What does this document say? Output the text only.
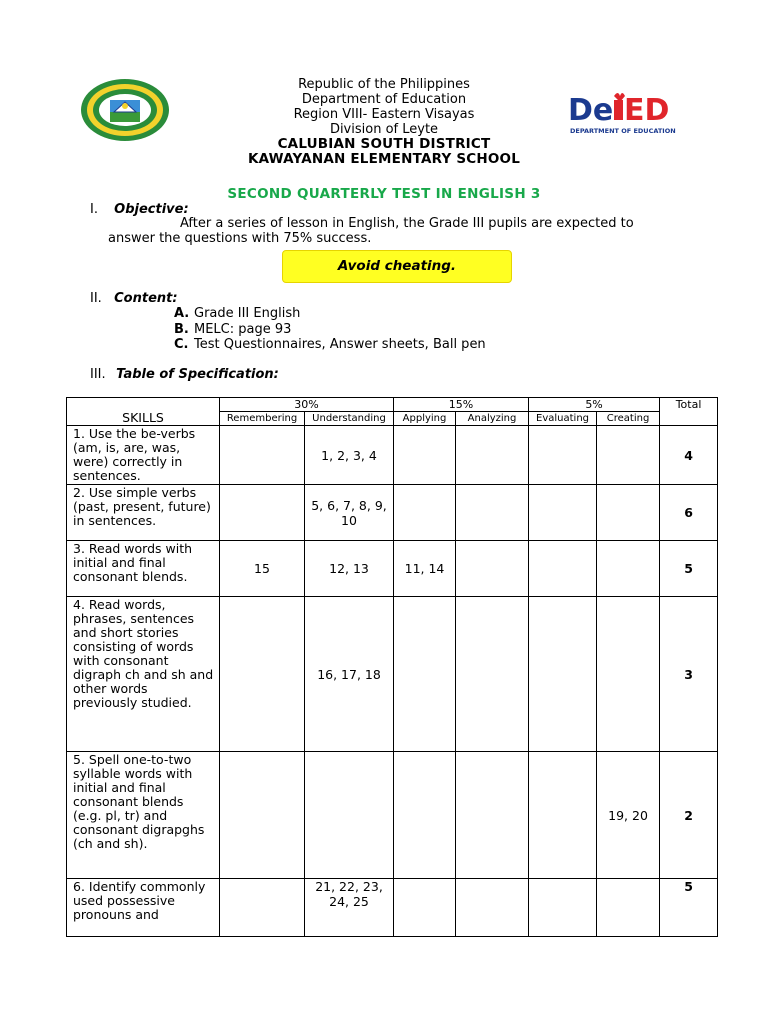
De ED
DEPARTMENT OF EDUCATION
Republic of the Philippines
Department of Education
Region VIII- Eastern Visayas
Division of Leyte
CALUBIAN SOUTH DISTRICT
KAWAYANAN ELEMENTARY SCHOOL
SECOND QUARTERLY TEST IN ENGLISH 3
I. Objective:
After a series of lesson in English, the Grade III pupils are expected to
answer the questions with 75% success.
Avoid cheating.
II. Content:
A. Grade III English
B. MELC: page 93
C. Test Questionnaires, Answer sheets, Ball pen
III. Table of Specification:
SKILLS	30%		15%		5%		Total
	Remembering	Understanding	Applying	Analyzing	Evaluating	Creating	
1. Use the be-verbs (am, is, are, was, were) correctly in sentences.		1, 2, 3, 4					4
2. Use simple verbs (past, present, future) in sentences.		5, 6, 7, 8, 9, 10					6
3. Read words with initial and final consonant blends.	15	12, 13	11, 14				5
4. Read words, phrases, sentences and short stories consisting of words with consonant digraph ch and sh and other words previously studied.		16, 17, 18					3
5. Spell one-to-two syllable words with initial and final consonant blends (e.g. pl, tr) and consonant digrapghs (ch and sh).						19, 20	2
6. Identify commonly used possessive pronouns and		21, 22, 23, 24, 25					5
